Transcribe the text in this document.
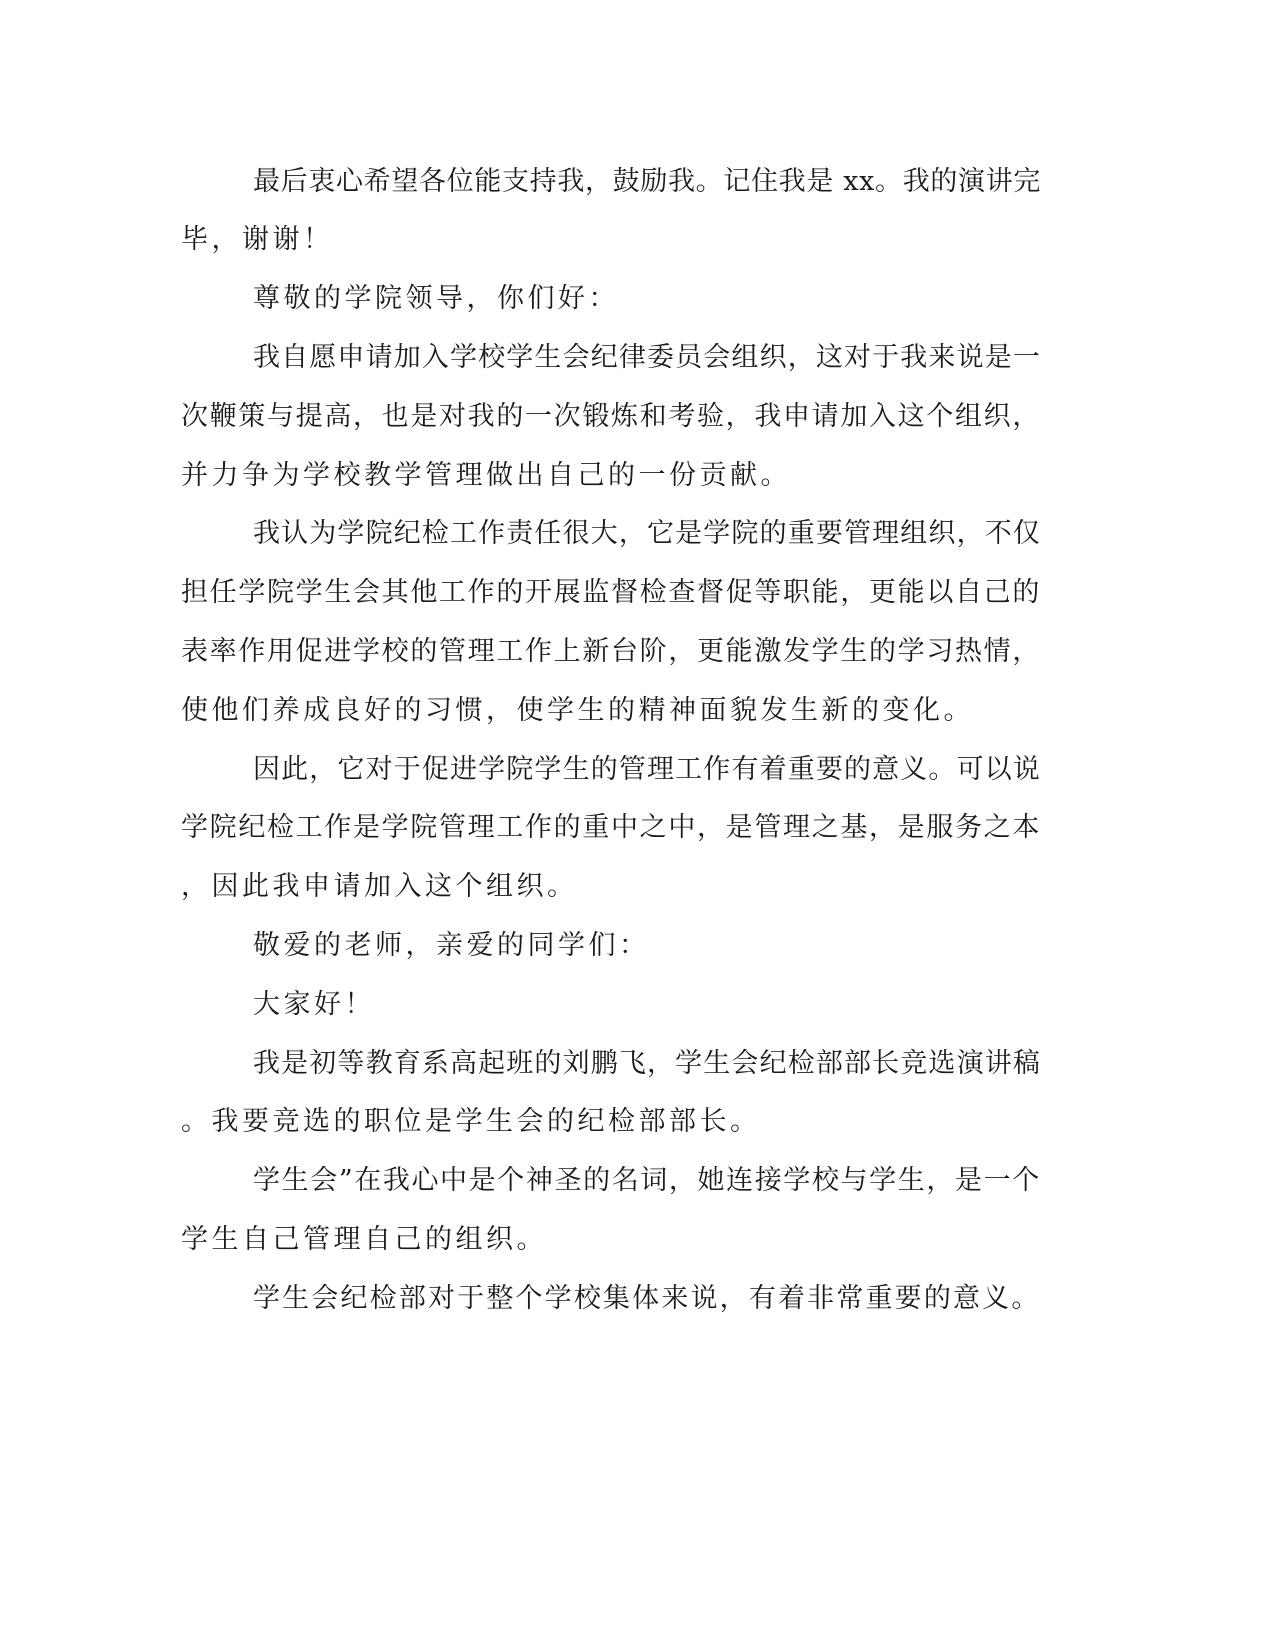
最后衷心希望各位能支持我，鼓励我。记住我是 xx。我的演讲完
毕，谢谢！
尊敬的学院领导，你们好：
我自愿申请加入学校学生会纪律委员会组织，这对于我来说是一
次鞭策与提高，也是对我的一次锻炼和考验，我申请加入这个组织，
并力争为学校教学管理做出自己的一份贡献。
我认为学院纪检工作责任很大，它是学院的重要管理组织，不仅
担任学院学生会其他工作的开展监督检查督促等职能，更能以自己的
表率作用促进学校的管理工作上新台阶，更能激发学生的学习热情，
使他们养成良好的习惯，使学生的精神面貌发生新的变化。
因此，它对于促进学院学生的管理工作有着重要的意义。可以说
学院纪检工作是学院管理工作的重中之中，是管理之基，是服务之本
，因此我申请加入这个组织。
敬爱的老师，亲爱的同学们：
大家好！
我是初等教育系高起班的刘鹏飞，学生会纪检部部长竞选演讲稿
。我要竞选的职位是学生会的纪检部部长。
学生会”在我心中是个神圣的名词，她连接学校与学生，是一个
学生自己管理自己的组织。
学生会纪检部对于整个学校集体来说，有着非常重要的意义。
